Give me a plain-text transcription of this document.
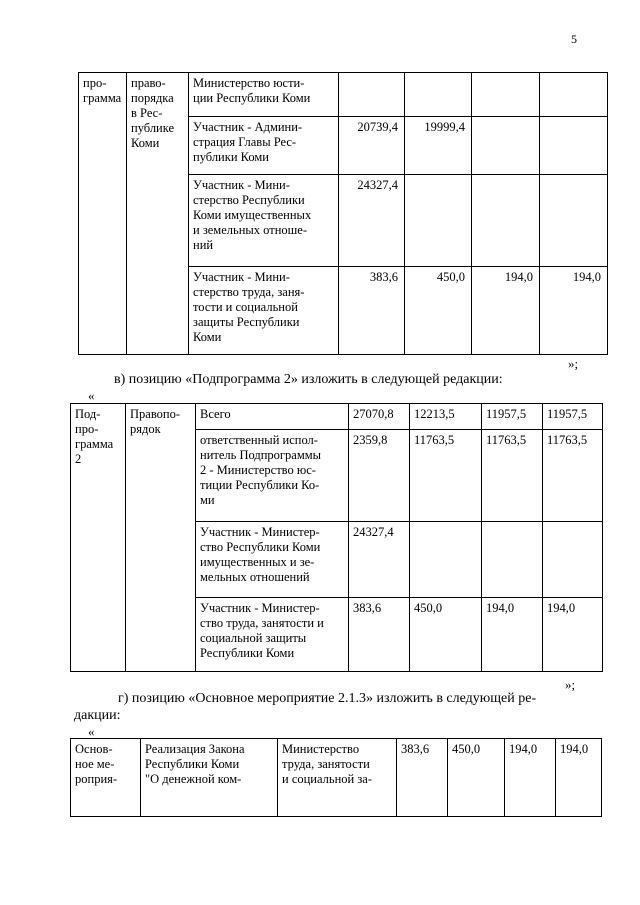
5
про-
грамма	право-
порядка
в Рес-
публике
Коми	Министерство юсти-
ции Республики Коми				
		Участник - Админи-
страция Главы Рес-
публики Коми	20739,4	19999,4		
		Участник - Мини-
стерство Республики
Коми имущественных
и земельных отноше-
ний	24327,4			
		Участник - Мини-
стерство труда, заня-
тости и социальной
защиты Республики
Коми	383,6	450,0	194,0	194,0
»;
в) позицию «Подпрограмма 2» изложить в следующей редакции:
«
Под-
про-
грамма
2	Правопо-
рядок	Всего	27070,8	12213,5	11957,5	11957,5
		ответственный испол-
нитель Подпрограммы
2 - Министерство юс-
тиции Республики Ко-
ми	2359,8	11763,5	11763,5	11763,5
		Участник - Министер-
ство Республики Коми
имущественных и зе-
мельных отношений	24327,4			
		Участник - Министер-
ство труда, занятости и
социальной защиты
Республики Коми	383,6	450,0	194,0	194,0
»;
г) позицию «Основное мероприятие 2.1.3» изложить в следующей ре-
дакции:
«
Основ-
ное ме-
роприя-	Реализация Закона
Республики Коми
"О денежной ком-	Министерство
труда, занятости
и социальной за-	383,6	450,0	194,0	194,0
